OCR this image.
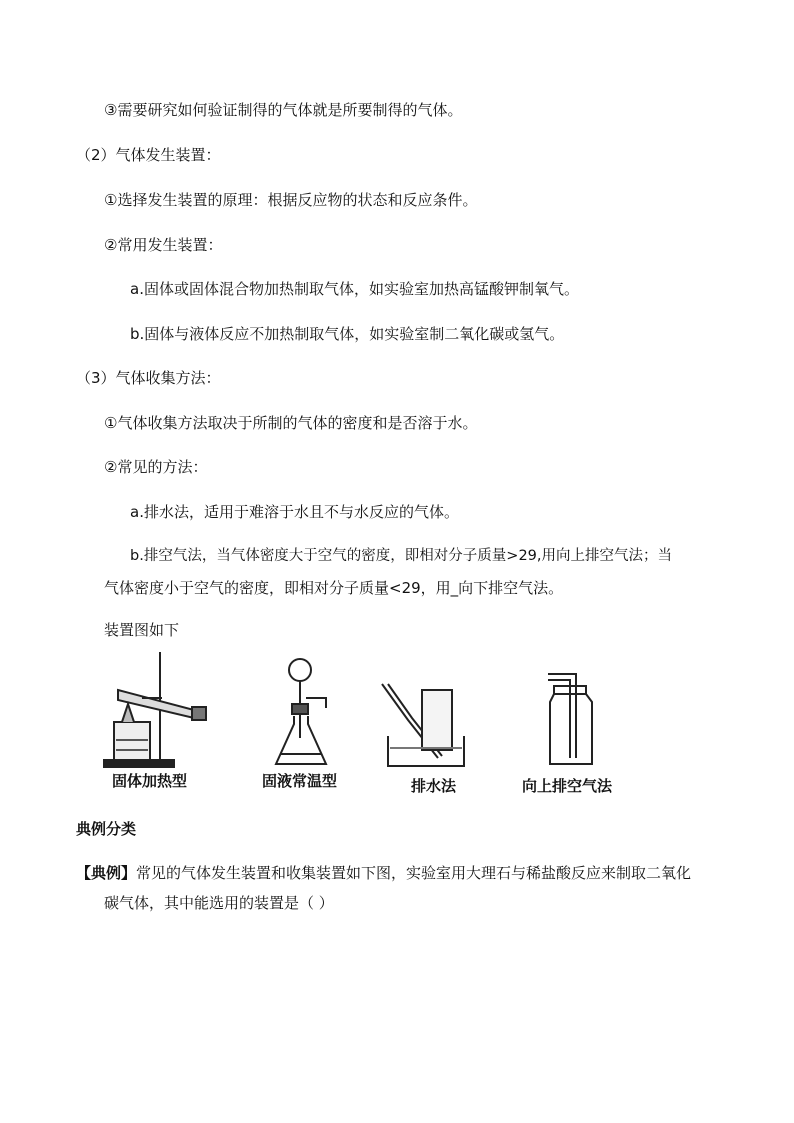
③需要研究如何验证制得的气体就是所要制得的气体。
（2）气体发生装置：
①选择发生装置的原理：根据反应物的状态和反应条件。
②常用发生装置：
a.固体或固体混合物加热制取气体，如实验室加热高锰酸钾制氧气。
b.固体与液体反应不加热制取气体，如实验室制二氧化碳或氢气。
（3）气体收集方法：
①气体收集方法取决于所制的气体的密度和是否溶于水。
②常见的方法：
a.排水法，适用于难溶于水且不与水反应的气体。
b.排空气法，当气体密度大于空气的密度，即相对分子质量>29,用向上排空气法；当
气体密度小于空气的密度，即相对分子质量<29，用_向下排空气法。
装置图如下
固体加热型	固液常温型	排水法	向上排空气法
典例分类
【典例】常见的气体发生装置和收集装置如下图，实验室用大理石与稀盐酸反应来制取二氧化
碳气体，其中能选用的装置是（ ）
